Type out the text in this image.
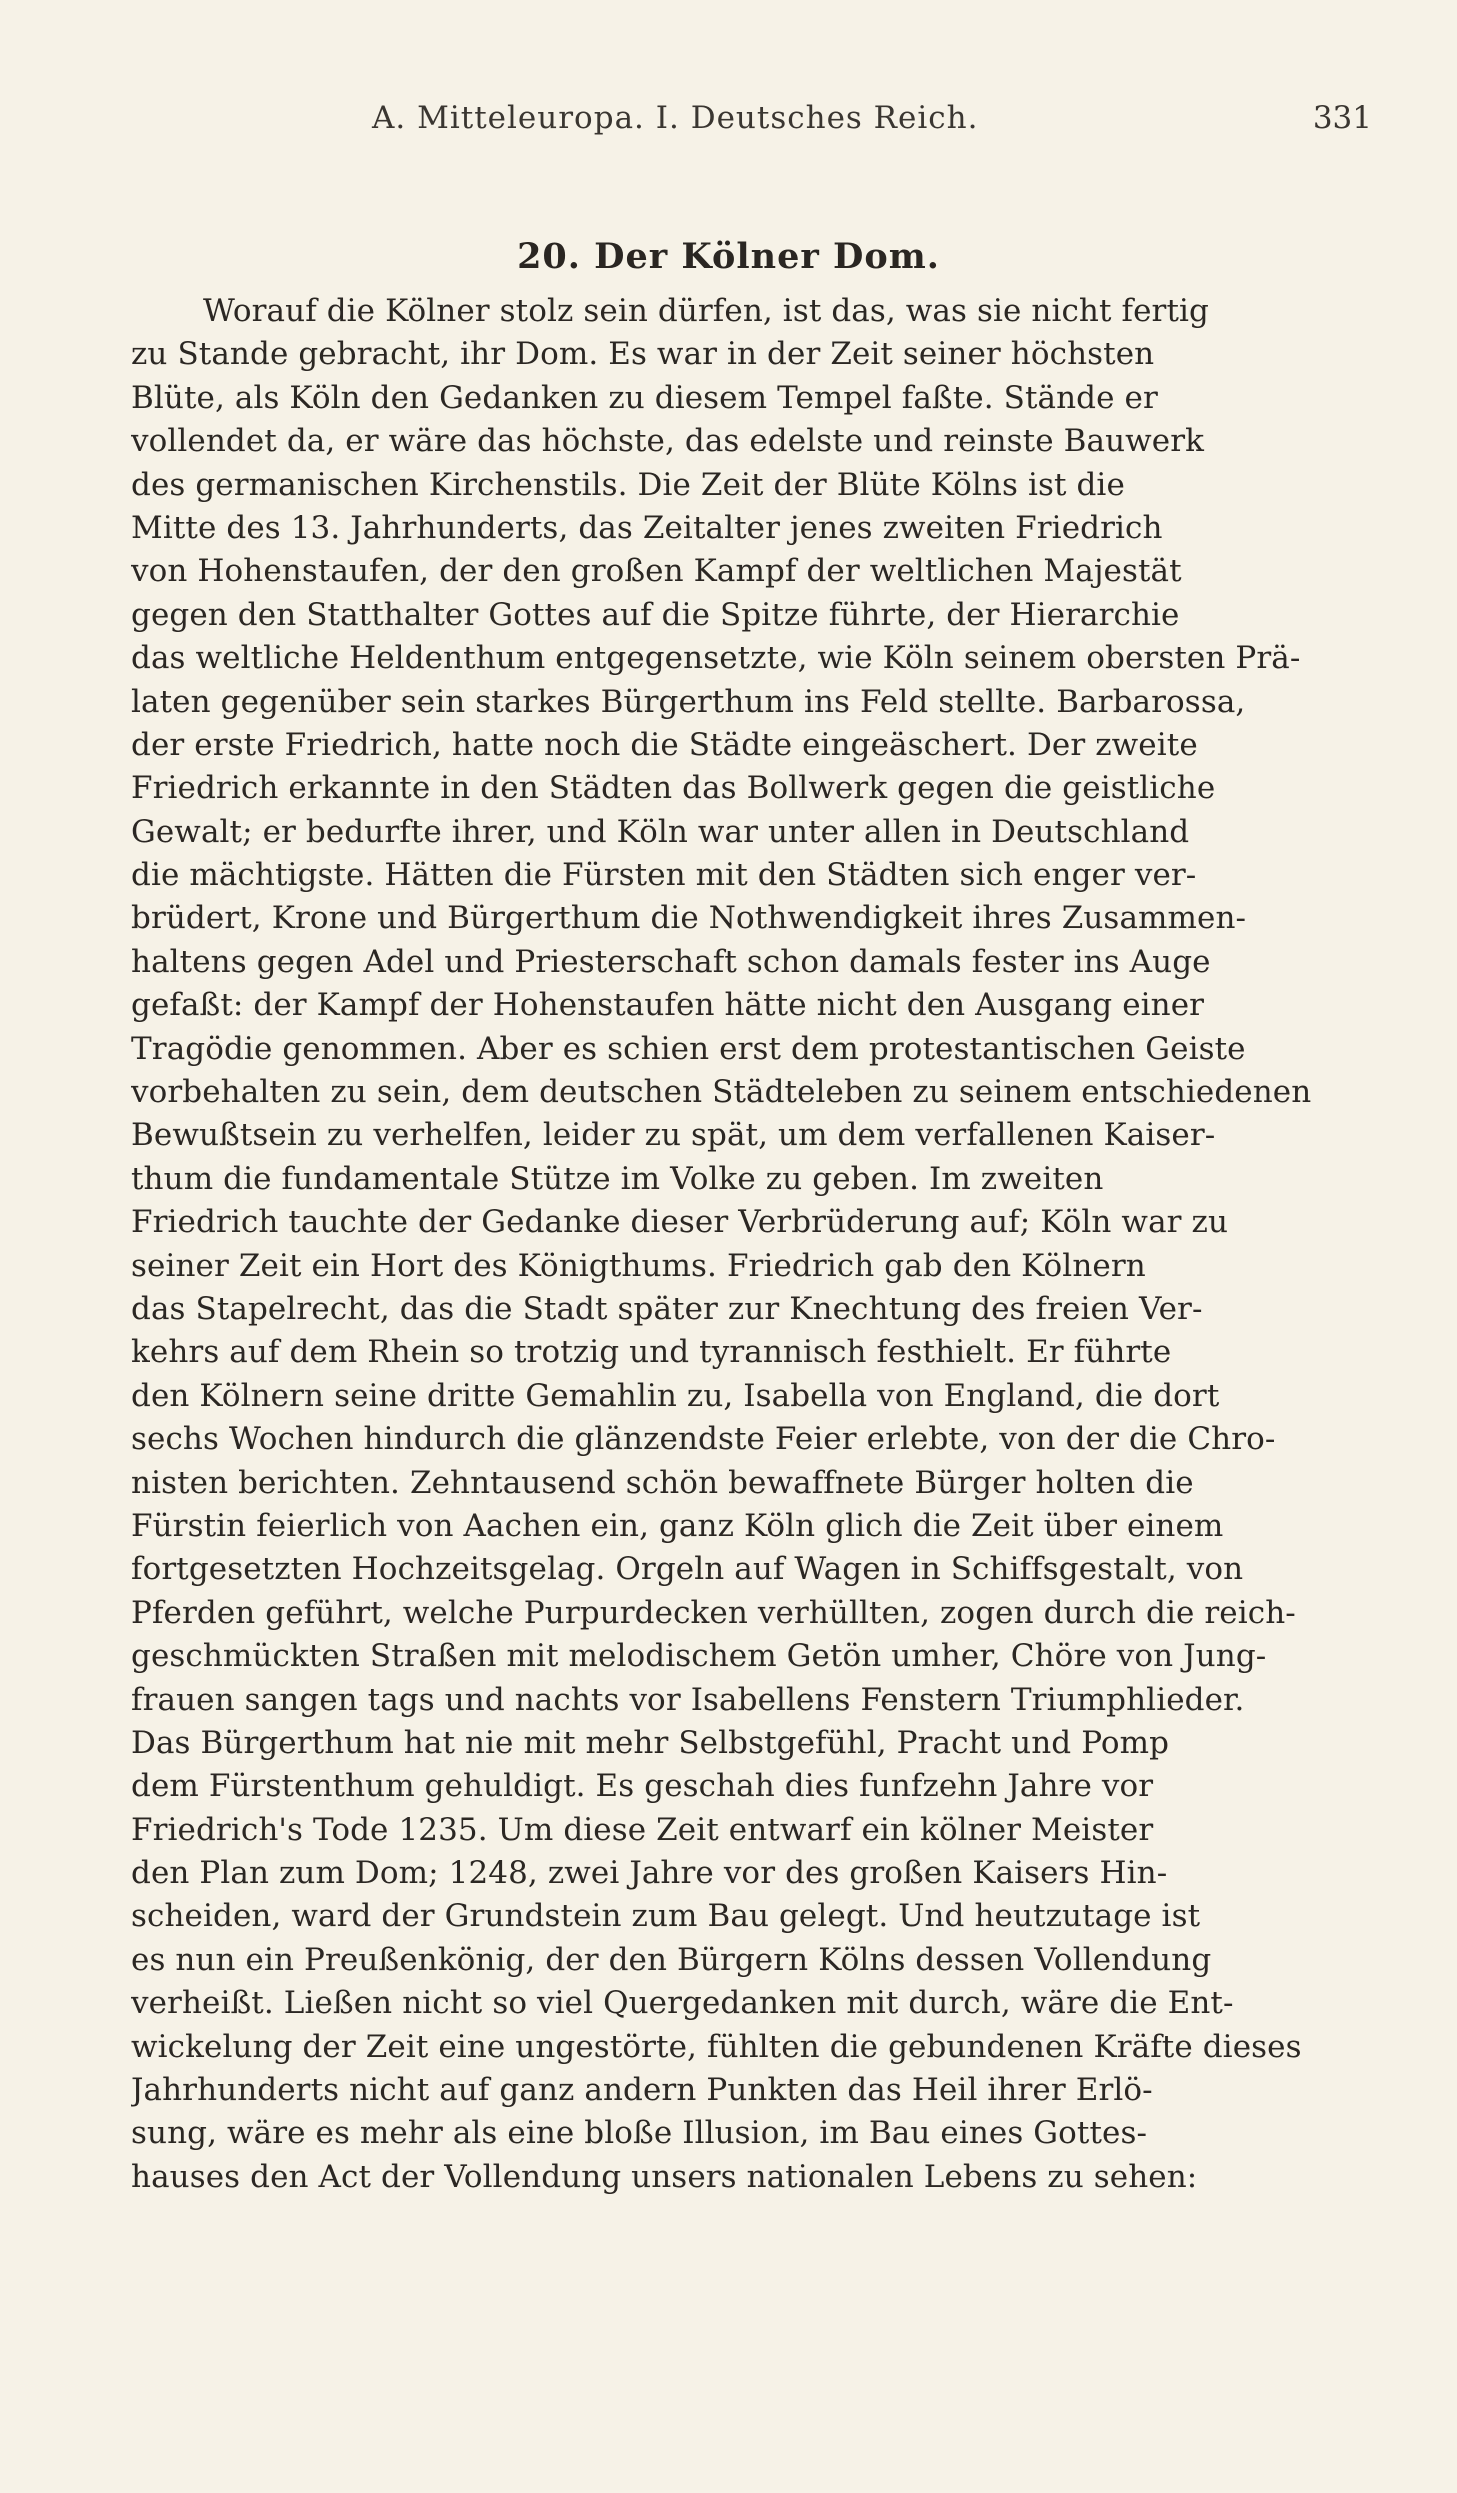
A. Mitteleuropa. I. Deutsches Reich.	331
20. Der Kölner Dom.
Worauf die Kölner stolz sein dürfen, ist das, was sie nicht fertig
zu Stande gebracht, ihr Dom. Es war in der Zeit seiner höchsten
Blüte, als Köln den Gedanken zu diesem Tempel faßte. Stände er
vollendet da, er wäre das höchste, das edelste und reinste Bauwerk
des germanischen Kirchenstils. Die Zeit der Blüte Kölns ist die
Mitte des 13. Jahrhunderts, das Zeitalter jenes zweiten Friedrich
von Hohenstaufen, der den großen Kampf der weltlichen Majestät
gegen den Statthalter Gottes auf die Spitze führte, der Hierarchie
das weltliche Heldenthum entgegensetzte, wie Köln seinem obersten Prä-
laten gegenüber sein starkes Bürgerthum ins Feld stellte. Barbarossa,
der erste Friedrich, hatte noch die Städte eingeäschert. Der zweite
Friedrich erkannte in den Städten das Bollwerk gegen die geistliche
Gewalt; er bedurfte ihrer, und Köln war unter allen in Deutschland
die mächtigste. Hätten die Fürsten mit den Städten sich enger ver-
brüdert, Krone und Bürgerthum die Nothwendigkeit ihres Zusammen-
haltens gegen Adel und Priesterschaft schon damals fester ins Auge
gefaßt: der Kampf der Hohenstaufen hätte nicht den Ausgang einer
Tragödie genommen. Aber es schien erst dem protestantischen Geiste
vorbehalten zu sein, dem deutschen Städteleben zu seinem entschiedenen
Bewußtsein zu verhelfen, leider zu spät, um dem verfallenen Kaiser-
thum die fundamentale Stütze im Volke zu geben. Im zweiten
Friedrich tauchte der Gedanke dieser Verbrüderung auf; Köln war zu
seiner Zeit ein Hort des Königthums. Friedrich gab den Kölnern
das Stapelrecht, das die Stadt später zur Knechtung des freien Ver-
kehrs auf dem Rhein so trotzig und tyrannisch festhielt. Er führte
den Kölnern seine dritte Gemahlin zu, Isabella von England, die dort
sechs Wochen hindurch die glänzendste Feier erlebte, von der die Chro-
nisten berichten. Zehntausend schön bewaffnete Bürger holten die
Fürstin feierlich von Aachen ein, ganz Köln glich die Zeit über einem
fortgesetzten Hochzeitsgelag. Orgeln auf Wagen in Schiffsgestalt, von
Pferden geführt, welche Purpurdecken verhüllten, zogen durch die reich-
geschmückten Straßen mit melodischem Getön umher, Chöre von Jung-
frauen sangen tags und nachts vor Isabellens Fenstern Triumphlieder.
Das Bürgerthum hat nie mit mehr Selbstgefühl, Pracht und Pomp
dem Fürstenthum gehuldigt. Es geschah dies funfzehn Jahre vor
Friedrich's Tode 1235. Um diese Zeit entwarf ein kölner Meister
den Plan zum Dom; 1248, zwei Jahre vor des großen Kaisers Hin-
scheiden, ward der Grundstein zum Bau gelegt. Und heutzutage ist
es nun ein Preußenkönig, der den Bürgern Kölns dessen Vollendung
verheißt. Ließen nicht so viel Quergedanken mit durch, wäre die Ent-
wickelung der Zeit eine ungestörte, fühlten die gebundenen Kräfte dieses
Jahrhunderts nicht auf ganz andern Punkten das Heil ihrer Erlö-
sung, wäre es mehr als eine bloße Illusion, im Bau eines Gottes-
hauses den Act der Vollendung unsers nationalen Lebens zu sehen:
